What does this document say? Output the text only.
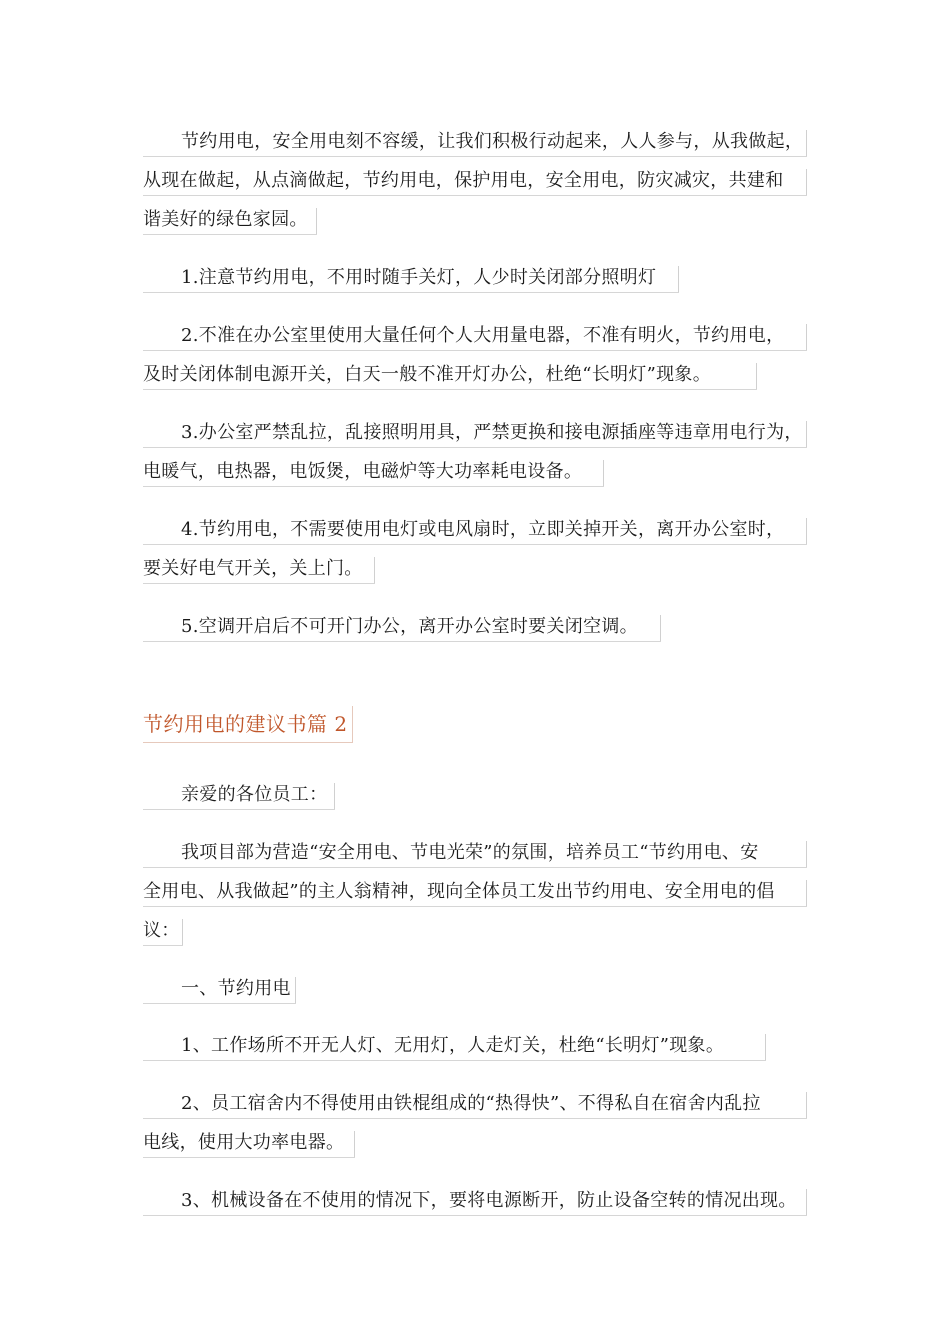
节约用电，安全用电刻不容缓，让我们积极行动起来，人人参与，从我做起，
从现在做起，从点滴做起，节约用电，保护用电，安全用电，防灾减灾，共建和
谐美好的绿色家园。
1.注意节约用电，不用时随手关灯，人少时关闭部分照明灯
2.不准在办公室里使用大量任何个人大用量电器，不准有明火，节约用电，
及时关闭体制电源开关，白天一般不准开灯办公，杜绝“长明灯”现象。
3.办公室严禁乱拉，乱接照明用具，严禁更换和接电源插座等违章用电行为，
电暖气，电热器，电饭煲，电磁炉等大功率耗电设备。
4.节约用电，不需要使用电灯或电风扇时，立即关掉开关，离开办公室时，
要关好电气开关，关上门。
5.空调开启后不可开门办公，离开办公室时要关闭空调。
节约用电的建议书篇 2
亲爱的各位员工：
我项目部为营造“安全用电、节电光荣”的氛围，培养员工“节约用电、安
全用电、从我做起”的主人翁精神，现向全体员工发出节约用电、安全用电的倡
议：
一、节约用电
1、工作场所不开无人灯、无用灯，人走灯关，杜绝“长明灯”现象。
2、员工宿舍内不得使用由铁棍组成的“热得快”、不得私自在宿舍内乱拉
电线，使用大功率电器。
3、机械设备在不使用的情况下，要将电源断开，防止设备空转的情况出现。
